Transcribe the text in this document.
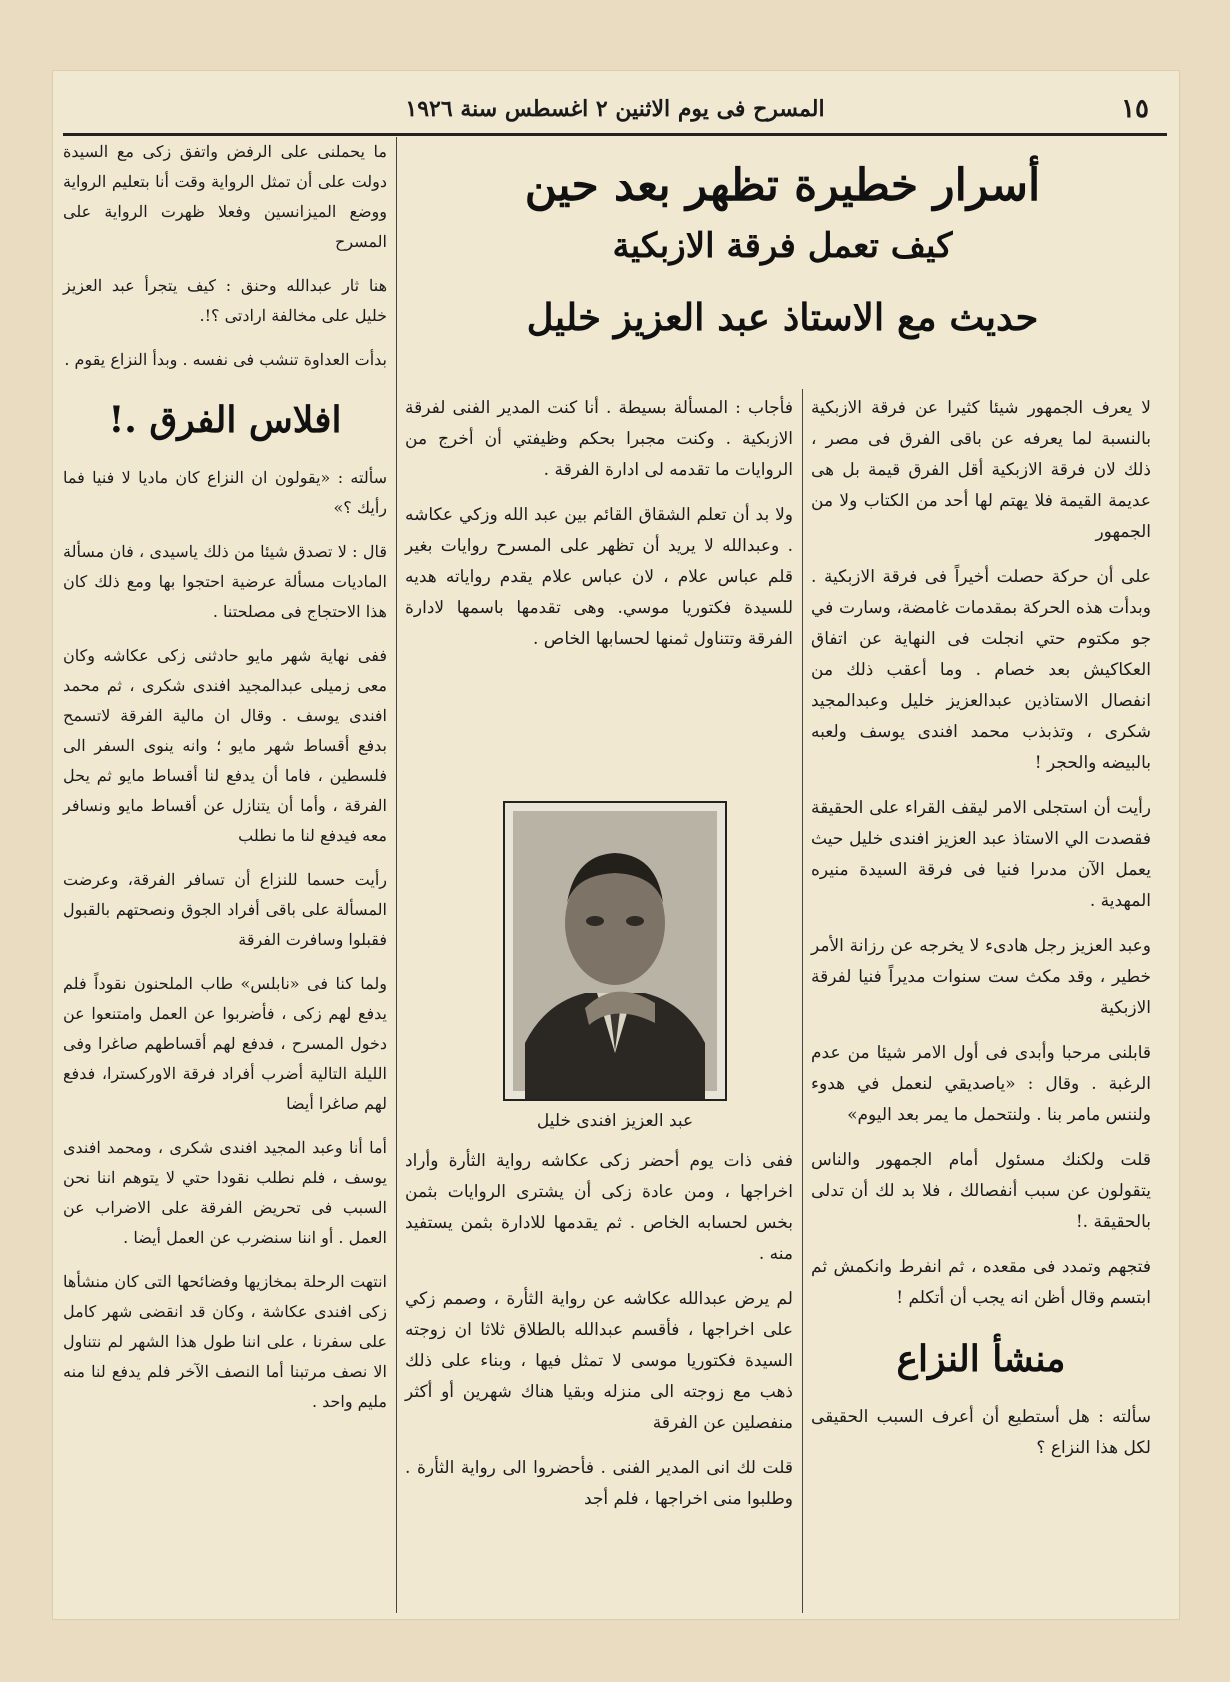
١٥
المسرح فى يوم الاثنين ٢ اغسطس سنة ١٩٢٦
أسرار خطيرة تظهر بعد حين
كيف تعمل فرقة الازبكية
حديث مع الاستاذ عبد العزيز خليل

لا يعرف الجمهور شيئا كثيرا عن فرقة الازبكية بالنسبة لما يعرفه عن باقى الفرق فى مصر ، ذلك لان فرقة الازبكية أقل الفرق قيمة بل هى عديمة القيمة فلا يهتم لها أحد من الكتاب ولا من الجمهور

على أن حركة حصلت أخيراً فى فرقة الازبكية . وبدأت هذه الحركة بمقدمات غامضة، وسارت في جو مكتوم حتي انجلت فى النهاية عن اتفاق العكاكيش بعد خصام . وما أعقب ذلك من انفصال الاستاذين عبدالعزيز خليل وعبدالمجيد شكرى ، وتذبذب محمد افندى يوسف ولعبه بالبيضه والحجر !

رأيت أن استجلى الامر ليقف القراء على الحقيقة فقصدت الي الاستاذ عبد العزيز افندى خليل حيث يعمل الآن مدىرا فنيا فى فرقة السيدة منيره المهدية .

وعبد العزيز رجل هادىء لا يخرجه عن رزانة الأمر خطير ، وقد مكث ست سنوات مديراً فنيا لفرقة الازبكية

قابلنى مرحبا وأبدى فى أول الامر شيئا من عدم الرغبة . وقال : «ياصديقي لنعمل في هدوء ولننس مامر بنا . ولنتحمل ما يمر بعد اليوم»

قلت ولكنك مسئول أمام الجمهور والناس يتقولون عن سبب أنفصالك ، فلا بد لك أن تدلى بالحقيقة .!

فتجهم وتمدد فى مقعده ، ثم انفرط وانكمش ثم ابتسم وقال أظن انه يجب أن أتكلم !

منشأ النزاع

سألته : هل أستطيع أن أعرف السبب الحقيقى لكل هذا النزاع ؟

فأجاب : المسألة بسيطة . أنا كنت المدير الفنى لفرقة الازبكية . وكنت مجبرا بحكم وظيفتي أن أخرج من الروايات ما تقدمه لى ادارة الفرقة .

ولا بد أن تعلم الشقاق القائم بين عبد الله وزكي عكاشه . وعبدالله لا يريد أن تظهر على المسرح روايات بغير قلم عباس علام ، لان عباس علام يقدم رواياته هديه للسيدة فكتوريا موسي. وهى تقدمها باسمها لادارة الفرقة وتتناول ثمنها لحسابها الخاص .

عبد العزيز افندى خليل

ففى ذات يوم أحضر زكى عكاشه رواية الثأرة وأراد اخراجها ، ومن عادة زكى أن يشترى الروايات بثمن بخس لحسابه الخاص . ثم يقدمها للادارة بثمن يستفيد منه .

لم يرض عبدالله عكاشه عن رواية الثأرة ، وصمم زكي على اخراجها ، فأقسم عبدالله بالطلاق ثلاثا ان زوجته السيدة فكتوريا موسى لا تمثل فيها ، وبناء على ذلك ذهب مع زوجته الى منزله وبقيا هناك شهرين أو أكثر منفصلين عن الفرقة

قلت لك انى المدير الفنى . فأحضروا الى رواية الثأرة . وطلبوا منى اخراجها ، فلم أجد

ما يحملنى على الرفض واتفق زكى مع السيدة دولت على أن تمثل الرواية وقت أنا بتعليم الرواية ووضع الميزانسين وفعلا ظهرت الرواية على المسرح

هنا ثار عبدالله وحنق : كيف يتجرأ عبد العزيز خليل على مخالفة ارادتى ؟!.

بدأت العداوة تنشب فى نفسه . وبدأ النزاع يقوم .

افلاس الفرق .!

سألته : «يقولون ان النزاع كان ماديا لا فنيا فما رأيك ؟»

قال : لا تصدق شيئا من ذلك ياسيدى ، فان مسألة الماديات مسألة عرضية احتجوا بها ومع ذلك كان هذا الاحتجاج فى مصلحتنا .

ففى نهاية شهر مايو حادثنى زكى عكاشه وكان معى زميلى عبدالمجيد افندى شكرى ، ثم محمد افندى يوسف . وقال ان مالية الفرقة لاتسمح بدفع أقساط شهر مايو ؛ وانه ينوى السفر الى فلسطين ، فاما أن يدفع لنا أقساط مايو ثم يحل الفرقة ، وأما أن يتنازل عن أقساط مايو ونسافر معه فيدفع لنا ما نطلب

رأيت حسما للنزاع أن تسافر الفرقة، وعرضت المسألة على باقى أفراد الجوق ونصحتهم بالقبول فقبلوا وسافرت الفرقة

ولما كنا فى «نابلس» طاب الملحنون نقوداً فلم يدفع لهم زكى ، فأضربوا عن العمل وامتنعوا عن دخول المسرح ، فدفع لهم أقساطهم صاغرا وفى الليلة التالية أضرب أفراد فرقة الاوركسترا، فدفع لهم صاغرا أيضا

أما أنا وعبد المجيد افندى شكرى ، ومحمد افندى يوسف ، فلم نطلب نقودا حتي لا يتوهم اننا نحن السبب فى تحريض الفرقة على الاضراب عن العمل . أو اننا سنضرب عن العمل أيضا .

انتهت الرحلة بمخازيها وفضائحها التى كان منشأها زكى افندى عكاشة ، وكان قد انقضى شهر كامل على سفرنا ، على اننا طول هذا الشهر لم نتناول الا نصف مرتبنا أما النصف الآخر فلم يدفع لنا منه مليم واحد .
